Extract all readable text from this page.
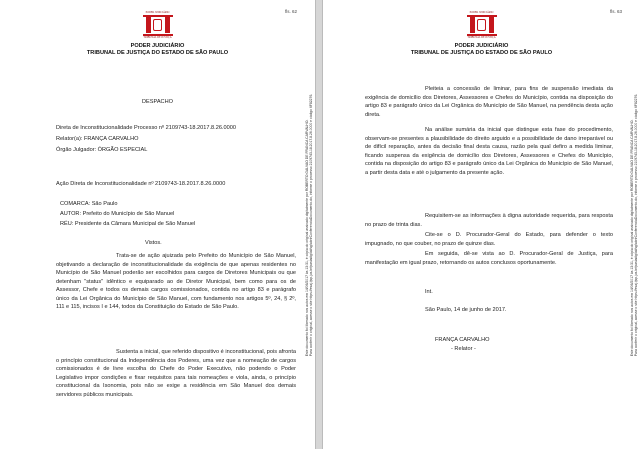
fls. 62
PODER JUDICIÁRIO
TRIBUNAL DE JUSTIÇA
PODER JUDICIÁRIO
TRIBUNAL DE JUSTIÇA DO ESTADO DE SÃO PAULO
DESPACHO
Direta de Inconstitucionalidade Processo nº 2109743-18.2017.8.26.0000
Relator(a): FRANÇA CARVALHO
Órgão Julgador: ÓRGÃO ESPECIAL
Ação Direta de Inconstitucionalidade nº 2109743-18.2017.8.26.0000
COMARCA: São Paulo
AUTOR: Prefeito do Município de São Manuel
RÉU: Presidente da Câmara Municipal de São Manuel
Vistos.
Trata-se de ação ajuizada pelo Prefeito do Município de São Manuel, objetivando a declaração de inconstitucionalidade da exigência de que apenas residentes no Município de São Manuel poderão ser escolhidos para cargos de Diretores Municipais ou que detenham "status" idêntico e equiparado ao de Diretor Municipal, bem como para os de Assessor, Chefe e todos os demais cargos comissionados, contida no artigo 83 e parágrafo único da Lei Orgânica do Município de São Manuel, com fundamento nos artigos 5º, 24, § 2º, 111 e 115, incisos I e 144, todos da Constituição do Estado de São Paulo.
Sustenta a inicial, que referido dispositivo é inconstitucional, pois afronta o princípio constitucional da Independência dos Poderes, uma vez que a nomeação de cargos comissionados é de livre escolha do Chefe do Poder Executivo, não podendo o Poder Legislativo impor condições e fixar requisitos para tais nomeações e viola, ainda, o princípio constitucional da Isonomia, pois não se exige a residência em São Manuel dos demais servidores públicos municipais.
Este documento foi liberado nos autos em 14/06/2017 às 13:31, é cópia do original assinado digitalmente por ROBERTO GALVAO DE FRANCA CARVALHO. Para conferir o original, acesse o site https://esaj.tjsp.jus.br/pastadigital/sg/abrirConferenciaDocumento.do, informe o processo 2109743-18.2017.8.26.0000 e código 6F82276.
fls. 63
PODER JUDICIÁRIO
TRIBUNAL DE JUSTIÇA
PODER JUDICIÁRIO
TRIBUNAL DE JUSTIÇA DO ESTADO DE SÃO PAULO
Pleiteia a concessão de liminar, para fins de suspensão imediata da exigência de domicílio dos Diretores, Assessores e Chefes do Município, contida na disposição do artigo 83 e parágrafo único da Lei Orgânica do Município de São Manuel, na pendência desta ação direta.
Na análise sumária da inicial que distingue esta fase do procedimento, observam-se presentes a plausibilidade do direito arguido e a possibilidade de dano irreparável ou de difícil reparação, antes da decisão final desta causa, razão pela qual defiro a medida liminar, ficando suspensa da exigência de domicílio dos Diretores, Assessores e Chefes do Município, contida na disposição do artigo 83 e parágrafo único da Lei Orgânica do Município de São Manuel, a partir desta data e até o julgamento da presente ação.
Requisitem-se as informações à digna autoridade requerida, para resposta no prazo de trinta dias.
Cite-se o D. Procurador-Geral do Estado, para defender o texto impugnado, no que couber, no prazo de quinze dias.
Em seguida, dê-se vista ao D. Procurador-Geral de Justiça, para manifestação em igual prazo, retornando os autos conclusos oportunamente.
Int.
São Paulo, 14 de junho de 2017.
FRANÇA CARVALHO
- Relator -	Este documento foi liberado nos autos em 14/06/2017 às 13:31, é cópia do original assinado digitalmente por ROBERTO GALVAO DE FRANCA CARVALHO. Para conferir o original, acesse o site https://esaj.tjsp.jus.br/pastadigital/sg/abrirConferenciaDocumento.do, informe o processo 2109743-18.2017.8.26.0000 e código 6F82276.
